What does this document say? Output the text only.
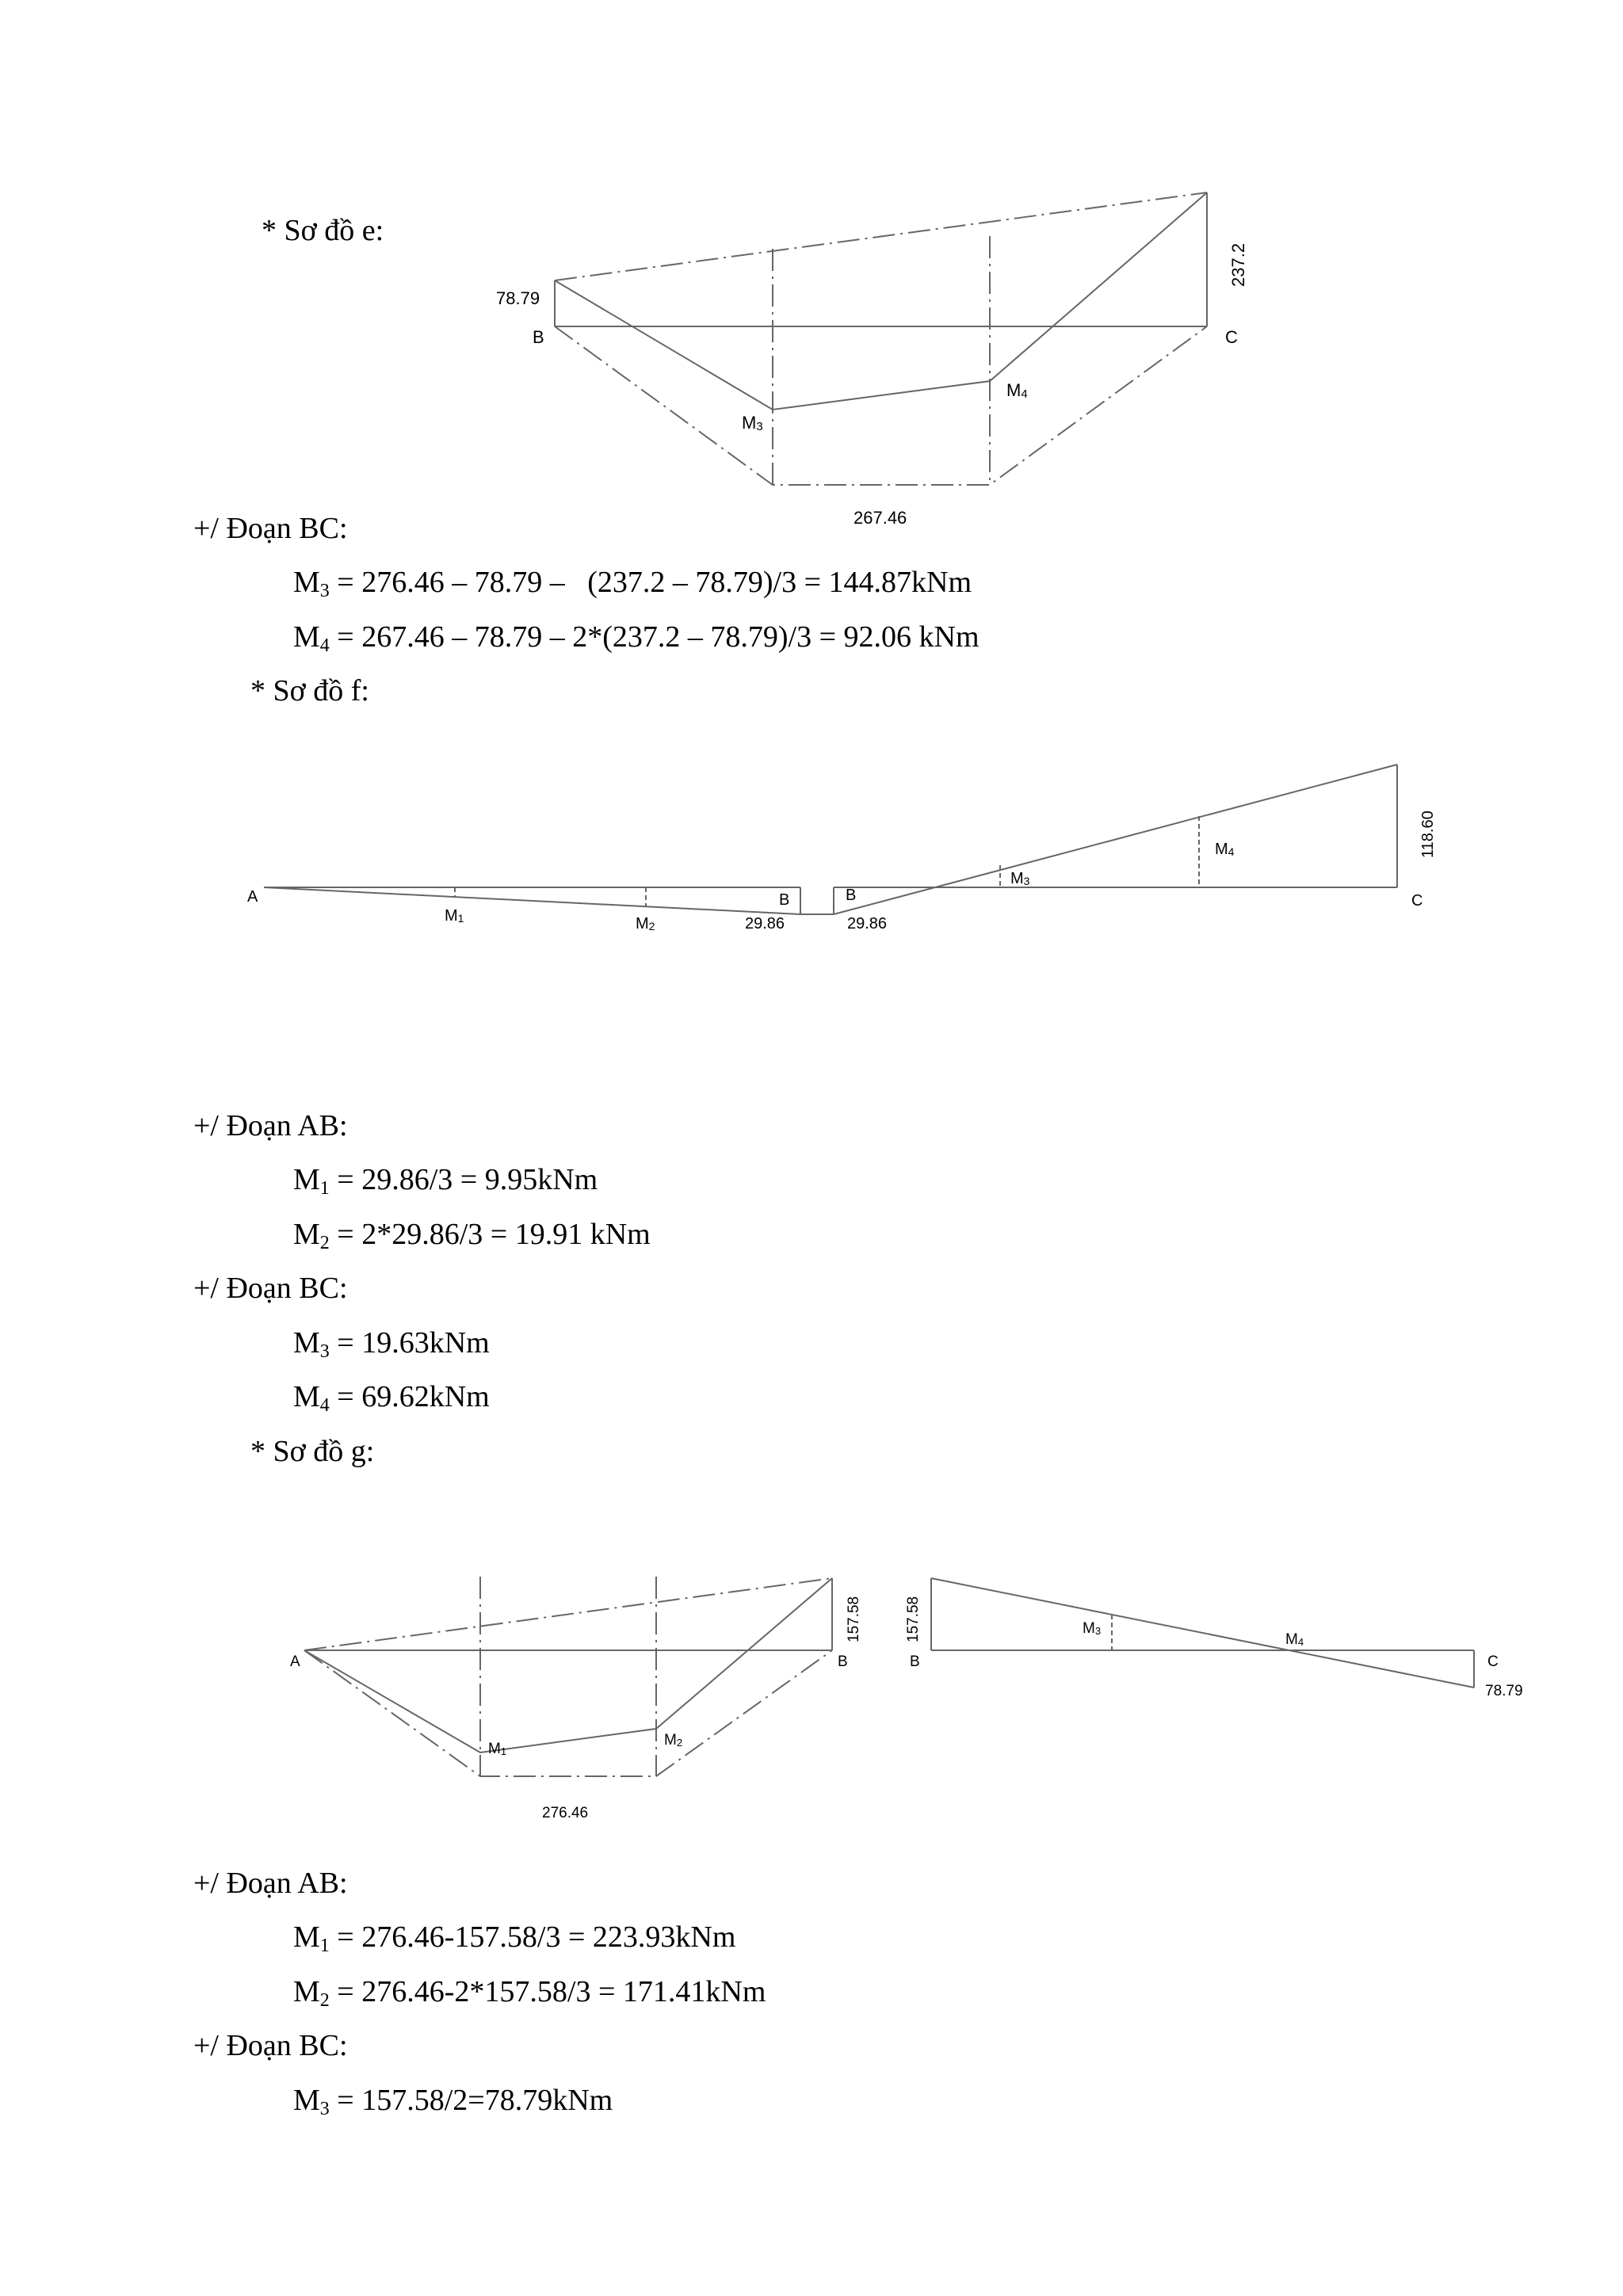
* Sơ đồ e:
+/ Đoạn BC:
$M_3 = 276.46 - 78.79 - (237.2 - 78.79)/3 = 144.87kNm$
$M_4 = 267.46 - 78.79 - 2*(237.2 - 78.79)/3 = 92.06$ kNm
* Sơ đồ f:
+/ Đoạn AB:
$M_1 = 29.86/3 = 9.95kNm$
$M_2 = 2*29.86/3 = 19.91$ kNm
+/ Đoạn BC:
$M_3 = 19.63kNm$
$M_4 = 69.62kNm$
* Sơ đồ g:
+/ Đoạn AB:
$M_1 = 276.46-157.58/3 = 223.93kNm$
$M_2 = 276.46-2*157.58/3 = 171.41kNm$
+/ Đoạn BC:
$M_3 = 157.58/2=78.79kNm$
78.79
B	C
M4
M3
267.46
237.2
A
M1	M2
B	B
29.86	29.86
M3
M4
C
118.60
A	B
157.58
M1
M2
276.46
157.58
B
M3
M4
C
78.79
